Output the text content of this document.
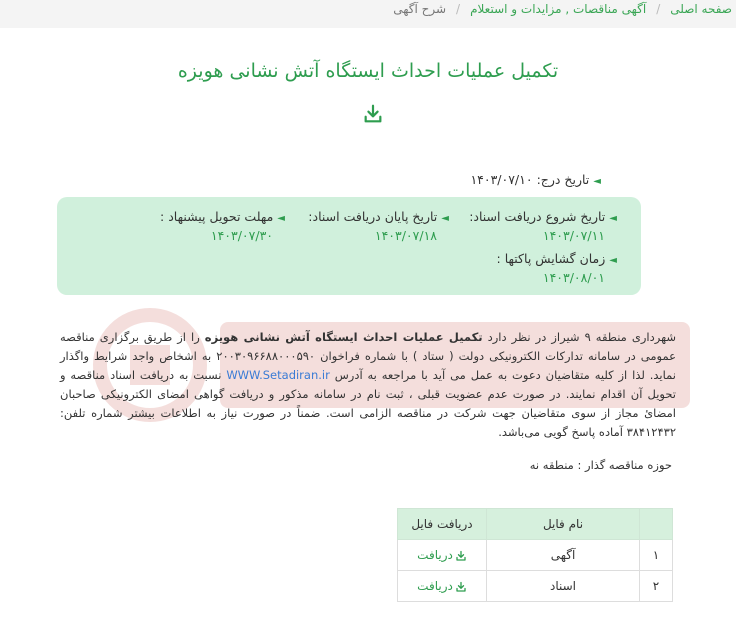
صفحه اصلی/آگهی مناقصات , مزایدات و استعلام/شرح آگهی
تکمیل عملیات احداث ایستگاه آتش نشانی هویزه
◄تاریخ درج: ۱۴۰۳/۰۷/۱۰
◄تاریخ شروع دریافت اسناد:
۱۴۰۳/۰۷/۱۱
◄تاریخ پایان دریافت اسناد:
۱۴۰۳/۰۷/۱۸
◄مهلت تحویل پیشنهاد :
۱۴۰۳/۰۷/۳۰
◄زمان گشایش پاکتها :
۱۴۰۳/۰۸/۰۱
شهرداری منطقه ۹ شیراز در نظر دارد تکمیل عملیات احداث ایستگاه آتش نشانی هویزه را از طریق برگزاری مناقصه عمومی در سامانه تدارکات الکترونیکی دولت ( ستاد ) با شماره فراخوان ۲۰۰۳۰۹۶۶۸۸۰۰۰۵۹۰ به اشخاص واجد شرایط واگذار نماید. لذا از کلیه متقاضیان دعوت به عمل می آید با مراجعه به آدرس WWW.Setadiran.ir نسبت به دریافت اسناد مناقصه و تحویل آن اقدام نمایند. در صورت عدم عضویت قبلی ، ثبت نام در سامانه مذکور و دریافت گواهی امضای الکترونیکی صاحبان امضائ مجاز از سوی متقاضیان جهت شرکت در مناقصه الزامی است. ضمناً در صورت نیاز به اطلاعات بیشتر شماره تلفن: ۳۸۴۱۲۴۳۲ آماده پاسخ گویی می‌باشد.
حوزه مناقصه گذار : منطقه نه
	نام فایل	دریافت فایل
۱	آگهی	دریافت
۲	اسناد	دریافت
